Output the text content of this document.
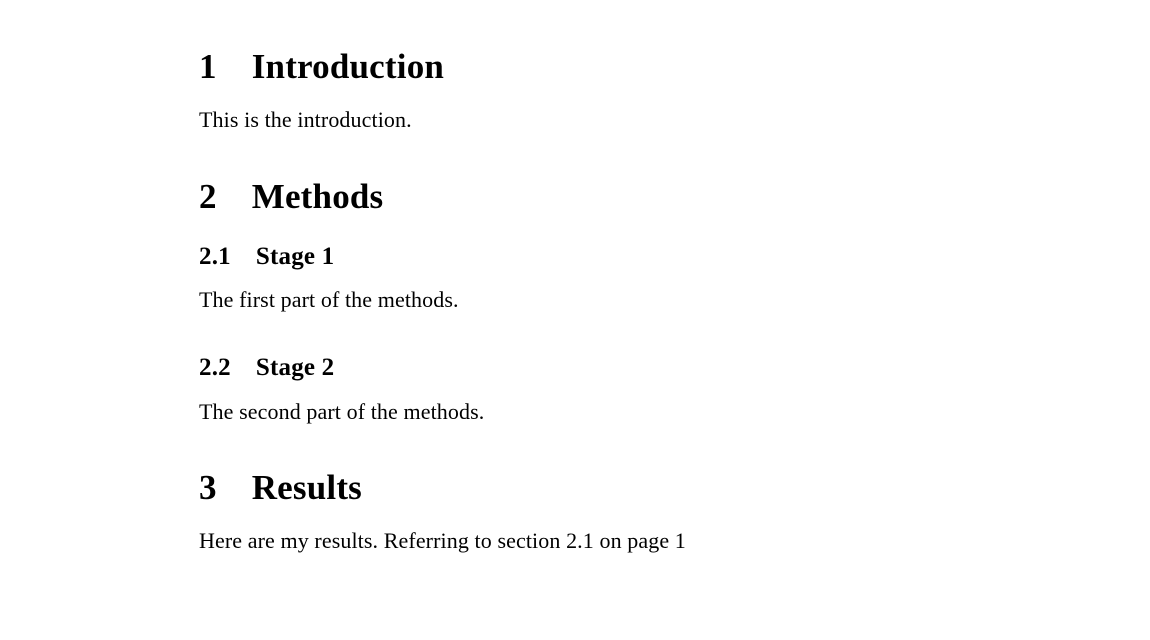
1 Introduction

This is the introduction.

2 Methods
2.1 Stage 1

The first part of the methods.

2.2 Stage 2

The second part of the methods.

3 Results

Here are my results. Referring to section 2.1 on page 1
